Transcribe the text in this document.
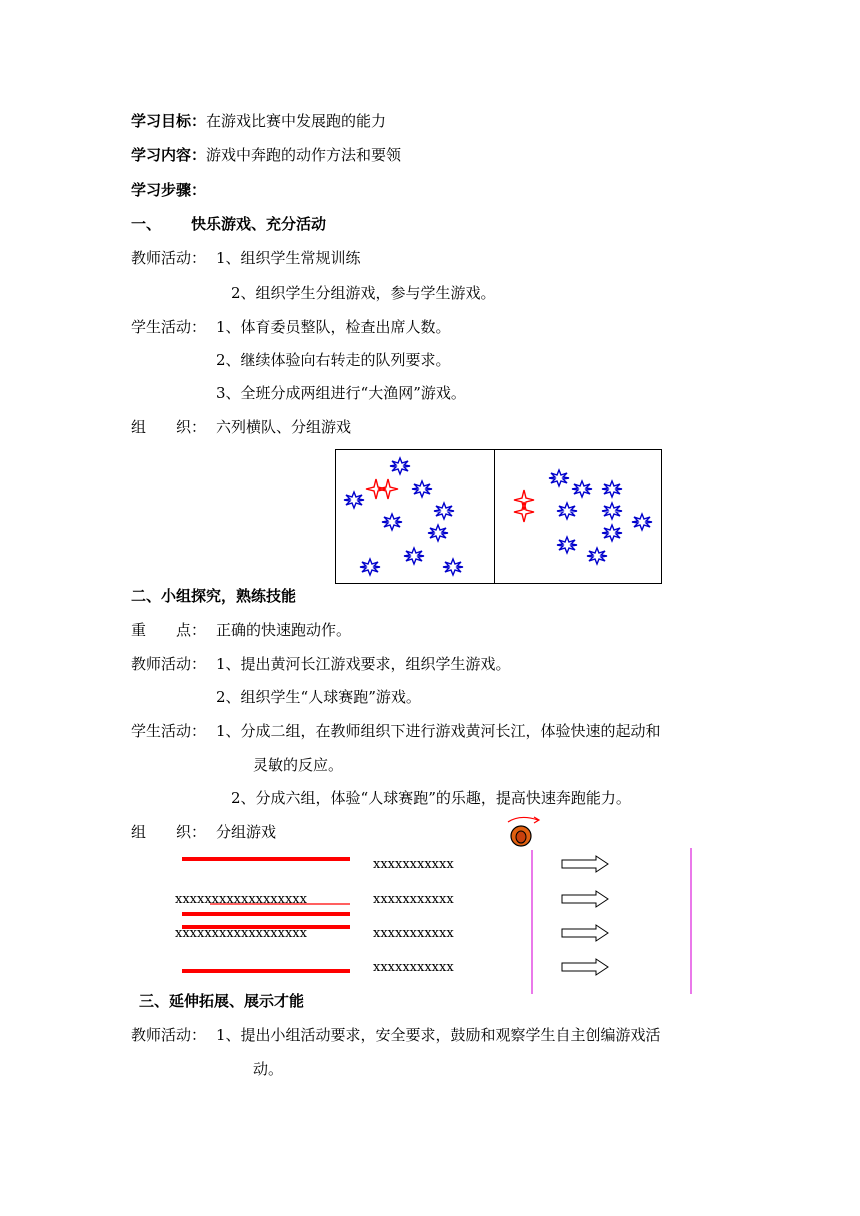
学习目标：在游戏比赛中发展跑的能力
学习内容：游戏中奔跑的动作方法和要领
学习步骤：
一、 快乐游戏、充分活动
教师活动： 1、组织学生常规训练
2、组织学生分组游戏，参与学生游戏。
学生活动： 1、体育委员整队，检查出席人数。
2、继续体验向右转走的队列要求。
3、全班分成两组进行“大渔网”游戏。
组　　织： 六列横队、分组游戏
二、小组探究，熟练技能
重　　点： 正确的快速跑动作。
教师活动： 1、提出黄河长江游戏要求，组织学生游戏。
2、组织学生“人球赛跑”游戏。
学生活动： 1、分成二组，在教师组织下进行游戏黄河长江，体验快速的起动和
灵敏的反应。
2、分成六组，体验“人球赛跑”的乐趣，提高快速奔跑能力。
组　　织： 分组游戏
xxxxxxxxxxxxxxxxxx
xxxxxxxxxxxxxxxxxx
xxxxxxxxxxx
xxxxxxxxxxx
xxxxxxxxxxx
xxxxxxxxxxx
三、延伸拓展、展示才能
教师活动： 1、提出小组活动要求，安全要求，鼓励和观察学生自主创编游戏活
动。
